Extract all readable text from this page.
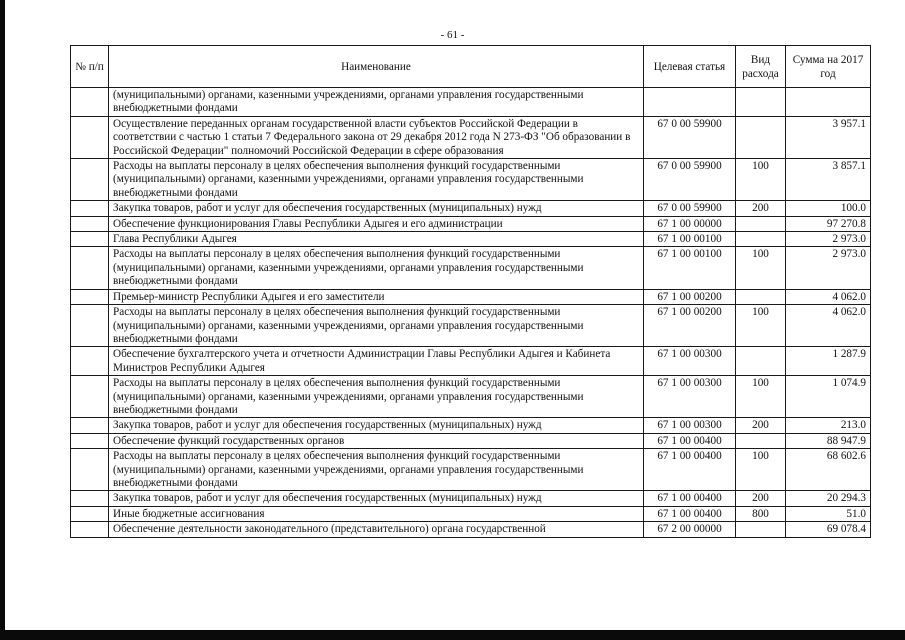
- 61 -
№ п/п	Наименование	Целевая статья	Вид расхода	Сумма на 2017 год
	(муниципальными) органами, казенными учреждениями, органами управления государственными внебюджетными фондами			
	Осуществление переданных органам государственной власти субъектов Российской Федерации в соответствии с частью 1 статьи 7 Федерального закона от 29 декабря 2012 года N 273-ФЗ "Об образовании в Российской Федерации" полномочий Российской Федерации в сфере образования	67 0 00 59900		3 957.1
	Расходы на выплаты персоналу в целях обеспечения выполнения функций государственными (муниципальными) органами, казенными учреждениями, органами управления государственными внебюджетными фондами	67 0 00 59900	100	3 857.1
	Закупка товаров, работ и услуг для обеспечения государственных (муниципальных) нужд	67 0 00 59900	200	100.0
	Обеспечение функционирования Главы Республики Адыгея и его администрации	67 1 00 00000		97 270.8
	Глава Республики Адыгея	67 1 00 00100		2 973.0
	Расходы на выплаты персоналу в целях обеспечения выполнения функций государственными (муниципальными) органами, казенными учреждениями, органами управления государственными внебюджетными фондами	67 1 00 00100	100	2 973.0
	Премьер-министр Республики Адыгея и его заместители	67 1 00 00200		4 062.0
	Расходы на выплаты персоналу в целях обеспечения выполнения функций государственными (муниципальными) органами, казенными учреждениями, органами управления государственными внебюджетными фондами	67 1 00 00200	100	4 062.0
	Обеспечение бухгалтерского учета и отчетности Администрации Главы Республики Адыгея и Кабинета Министров Республики Адыгея	67 1 00 00300		1 287.9
	Расходы на выплаты персоналу в целях обеспечения выполнения функций государственными (муниципальными) органами, казенными учреждениями, органами управления государственными внебюджетными фондами	67 1 00 00300	100	1 074.9
	Закупка товаров, работ и услуг для обеспечения государственных (муниципальных) нужд	67 1 00 00300	200	213.0
	Обеспечение функций государственных органов	67 1 00 00400		88 947.9
	Расходы на выплаты персоналу в целях обеспечения выполнения функций государственными (муниципальными) органами, казенными учреждениями, органами управления государственными внебюджетными фондами	67 1 00 00400	100	68 602.6
	Закупка товаров, работ и услуг для обеспечения государственных (муниципальных) нужд	67 1 00 00400	200	20 294.3
	Иные бюджетные ассигнования	67 1 00 00400	800	51.0
	Обеспечение деятельности законодательного (представительного) органа государственной	67 2 00 00000		69 078.4
